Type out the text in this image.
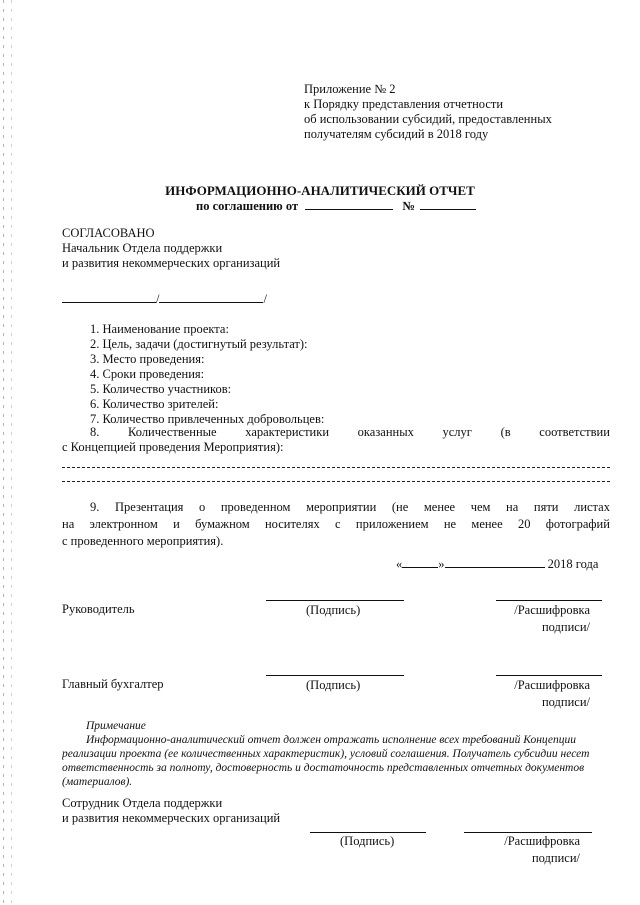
Приложение № 2
к Порядку представления отчетности
об использовании субсидий, предоставленных
получателям субсидий в 2018 году
ИНФОРМАЦИОННО-АНАЛИТИЧЕСКИЙ ОТЧЕТ
по соглашению от	№
СОГЛАСОВАНО
Начальник Отдела поддержки
и развития некоммерческих организаций
/	/
1. Наименование проекта:
2. Цель, задачи (достигнутый результат):
3. Место проведения:
4. Сроки проведения:
5. Количество участников:
6. Количество зрителей:
7. Количество привлеченных добровольцев:
8. Количественные характеристики оказанных услуг (в соответствии
с Концепцией проведения Мероприятия):
9. Презентация о проведенном мероприятии (не менее чем на пяти листах
на электронном и бумажном носителях с приложением не менее 20 фотографий
с проведенного мероприятия).
«	»	2018 года
Руководитель	(Подпись)	/Расшифровка
подписи/
Главный бухгалтер	(Подпись)	/Расшифровка
подписи/
Примечание
Информационно-аналитический отчет должен отражать исполнение всех требований Концепции
реализации проекта (ее количественных характеристик), условий соглашения. Получатель субсидии несет
ответственность за полноту, достоверность и достаточность представленных отчетных документов
(материалов).
Сотрудник Отдела поддержки
и развития некоммерческих организаций
(Подпись)	/Расшифровка
подписи/
